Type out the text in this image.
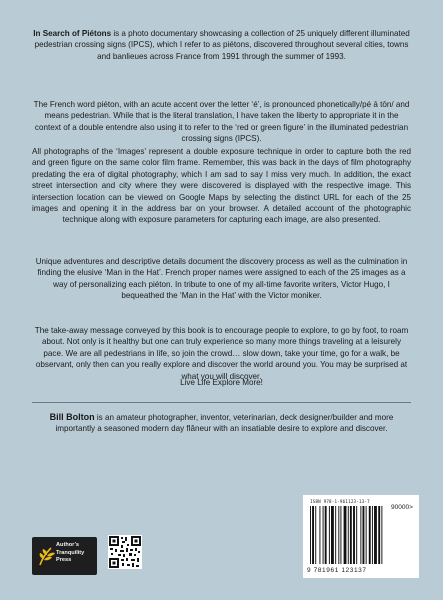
In Search of Piétons is a photo documentary showcasing a collection of 25 uniquely different illuminated pedestrian crossing signs (IPCS), which I refer to as piétons, discovered throughout several cities, towns and banlieues across France from 1991 through the summer of 1993.
The French word piéton, with an acute accent over the letter ‘é’, is pronounced phonetically/pé ā tōn/ and means pedestrian. While that is the literal translation, I have taken the liberty to appropriate it in the context of a double entendre also using it to refer to the ‘red or green figure’ in the illuminated pedestrian crossing signs (IPCS).
All photographs of the ‘Images’ represent a double exposure technique in order to capture both the red and green figure on the same color film frame. Remember, this was back in the days of film photography predating the era of digital photography, which I am sad to say I miss very much. In addition, the exact street intersection and city where they were discovered is displayed with the respective image. This intersection location can be viewed on Google Maps by selecting the distinct URL for each of the 25 images and opening it in the address bar on your browser. A detailed account of the photographic technique along with exposure parameters for capturing each image, are also presented.
Unique adventures and descriptive details document the discovery process as well as the culmination in finding the elusive ‘Man in the Hat’. French proper names were assigned to each of the 25 images as a way of personalizing each piéton. In tribute to one of my all-time favorite writers, Victor Hugo, I bequeathed the ‘Man in the Hat’ with the Victor moniker.
The take-away message conveyed by this book is to encourage people to explore, to go by foot, to roam about. Not only is it healthy but one can truly experience so many more things traveling at a leisurely pace. We are all pedestrians in life, so join the crowd… slow down, take your time, go for a walk, be observant, only then can you really explore and discover the world around you. You may be surprised at what you will discover.
Live Life Explore More!
Bill Bolton is an amateur photographer, inventor, veterinarian, deck designer/builder and more importantly a seasoned modern day flâneur with an insatiable desire to explore and discover.
Author’s
Tranquility
Press
ISBN 978-1-961123-13-7
90000>
9 781961 123137
